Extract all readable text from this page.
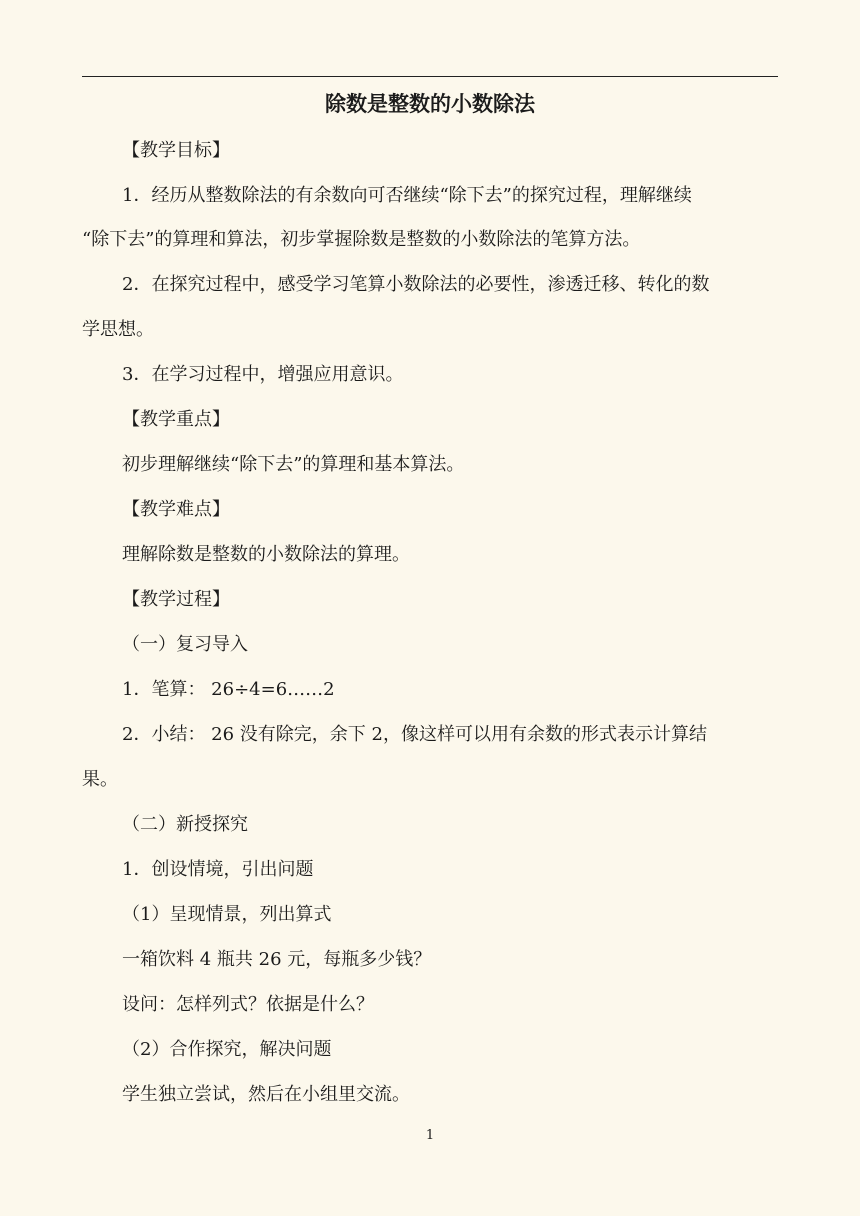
除数是整数的小数除法
【教学目标】
1．经历从整数除法的有余数向可否继续“除下去”的探究过程，理解继续
“除下去”的算理和算法，初步掌握除数是整数的小数除法的笔算方法。
2．在探究过程中，感受学习笔算小数除法的必要性，渗透迁移、转化的数
学思想。
3．在学习过程中，增强应用意识。
【教学重点】
初步理解继续“除下去”的算理和基本算法。
【教学难点】
理解除数是整数的小数除法的算理。
【教学过程】
（一）复习导入
1．笔算： 26÷4=6……2
2．小结： 26 没有除完，余下 2，像这样可以用有余数的形式表示计算结
果。
（二）新授探究
1．创设情境，引出问题
（1）呈现情景，列出算式
一箱饮料 4 瓶共 26 元，每瓶多少钱？
设问：怎样列式？依据是什么？
（2）合作探究，解决问题
学生独立尝试，然后在小组里交流。
1
